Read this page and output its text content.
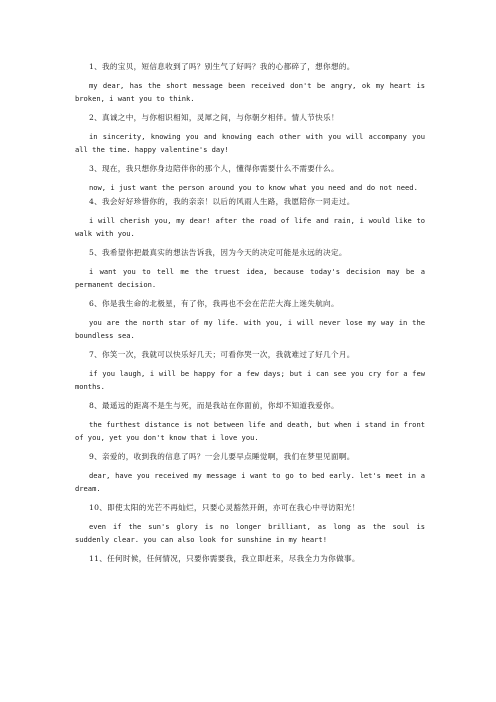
1、我的宝贝，短信息收到了吗？别生气了好吗？我的心都碎了，想你想的。

my dear, has the short message been received don't be angry, ok my heart is broken, i want you to think.

2、真诚之中，与你相识相知，灵犀之间，与你朝夕相伴。情人节快乐！

in sincerity, knowing you and knowing each other with you will accompany you all the time. happy valentine's day!

3、现在，我只想你身边陪伴你的那个人，懂得你需要什么不需要什么。

now, i just want the person around you to know what you need and do not need.

4、我会好好珍惜你的，我的亲亲！以后的风雨人生路，我愿陪你一同走过。

i will cherish you, my dear! after the road of life and rain, i would like to walk with you.

5、我希望你把最真实的想法告诉我，因为今天的决定可能是永远的决定。

i want you to tell me the truest idea, because today's decision may be a permanent decision.

6、你是我生命的北极星，有了你，我再也不会在茫茫大海上迷失航向。

you are the north star of my life. with you, i will never lose my way in the boundless sea.

7、你笑一次，我就可以快乐好几天；可看你哭一次，我就难过了好几个月。

if you laugh, i will be happy for a few days; but i can see you cry for a few months.

8、最遥远的距离不是生与死，而是我站在你面前，你却不知道我爱你。

the furthest distance is not between life and death, but when i stand in front of you, yet you don't know that i love you.

9、亲爱的，收到我的信息了吗？一会儿要早点睡觉啊，我们在梦里见面啊。

dear, have you received my message i want to go to bed early. let's meet in a dream.

10、即使太阳的光芒不再灿烂，只要心灵豁然开朗，亦可在我心中寻访阳光！

even if the sun's glory is no longer brilliant, as long as the soul is suddenly clear. you can also look for sunshine in my heart!

11、任何时候，任何情况，只要你需要我，我立即赶来，尽我全力为你做事。
